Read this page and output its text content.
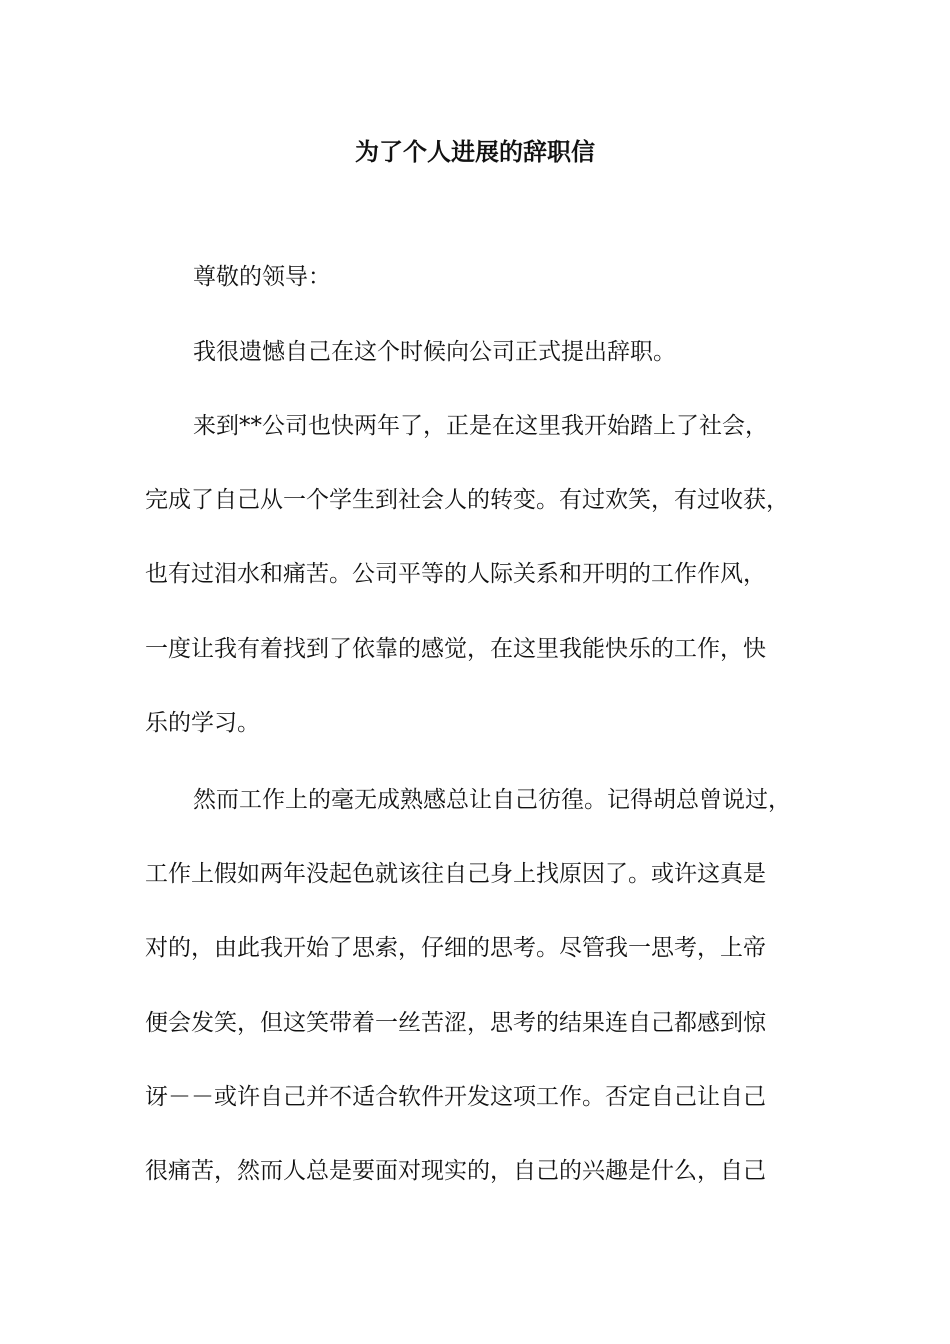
为了个人进展的辞职信
尊敬的领导：
我很遗憾自己在这个时候向公司正式提出辞职。
来到**公司也快两年了，正是在这里我开始踏上了社会，
完成了自己从一个学生到社会人的转变。有过欢笑，有过收获，
也有过泪水和痛苦。公司平等的人际关系和开明的工作作风，
一度让我有着找到了依靠的感觉，在这里我能快乐的工作，快
乐的学习。
然而工作上的毫无成熟感总让自己彷徨。记得胡总曾说过，
工作上假如两年没起色就该往自己身上找原因了。或许这真是
对的，由此我开始了思索，仔细的思考。尽管我一思考，上帝
便会发笑，但这笑带着一丝苦涩，思考的结果连自己都感到惊
讶－－或许自己并不适合软件开发这项工作。否定自己让自己
很痛苦，然而人总是要面对现实的，自己的兴趣是什么，自己
